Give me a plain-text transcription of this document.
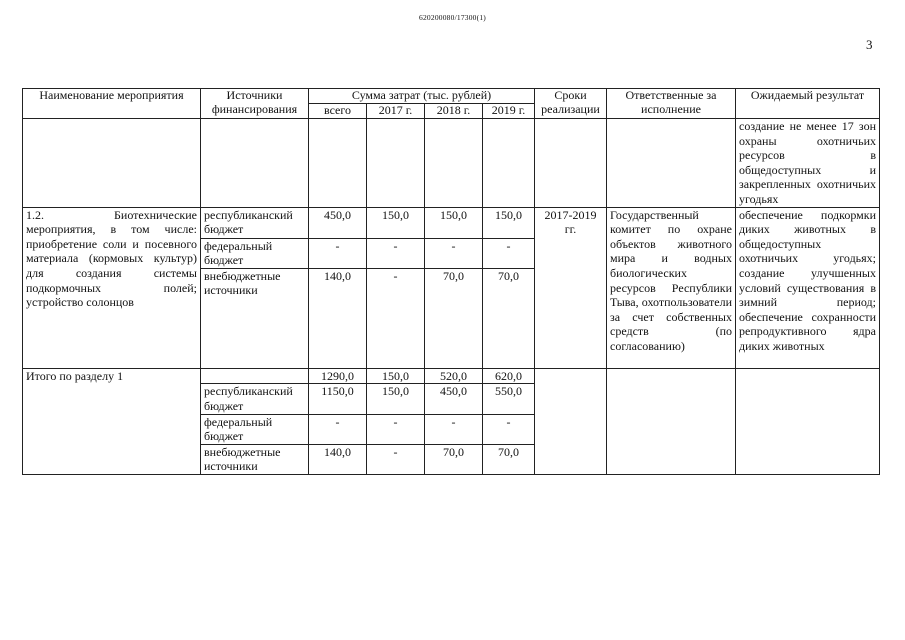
620200080/17300(1)
3
Наименование мероприятия	Источники финансирования	Сумма затрат (тыс. рублей)				Сроки реализации	Ответственные за исполнение	Ожидаемый результат
		всего	2017 г.	2018 г.	2019 г.			
								создание не менее 17 зон охраны охотничьих ресурсов в общедоступных и закрепленных охотничьих угодьях
1.2. Биотехнические мероприятия, в том числе: приобретение соли и посевного материала (кормовых культур) для создания системы подкормочных полей; устройство солонцов	республиканский бюджет	450,0	150,0	150,0	150,0	2017-2019 гг.	Государственный комитет по охране объектов животного мира и водных биологических ресурсов Республики Тыва, охотпользователи за счет собственных средств (по согласованию)	обеспечение подкормки диких животных в общедоступных охотничьих угодьях; создание улучшенных условий существования в зимний период; обеспечение сохранности репродуктивного ядра диких животных
	федеральный бюджет	-	-	-	-			
	внебюджетные источники	140,0	-	70,0	70,0			
Итого по разделу 1		1290,0	150,0	520,0	620,0			
	республиканский бюджет	1150,0	150,0	450,0	550,0			
	федеральный бюджет	-	-	-	-			
	внебюджетные источники	140,0	-	70,0	70,0			
